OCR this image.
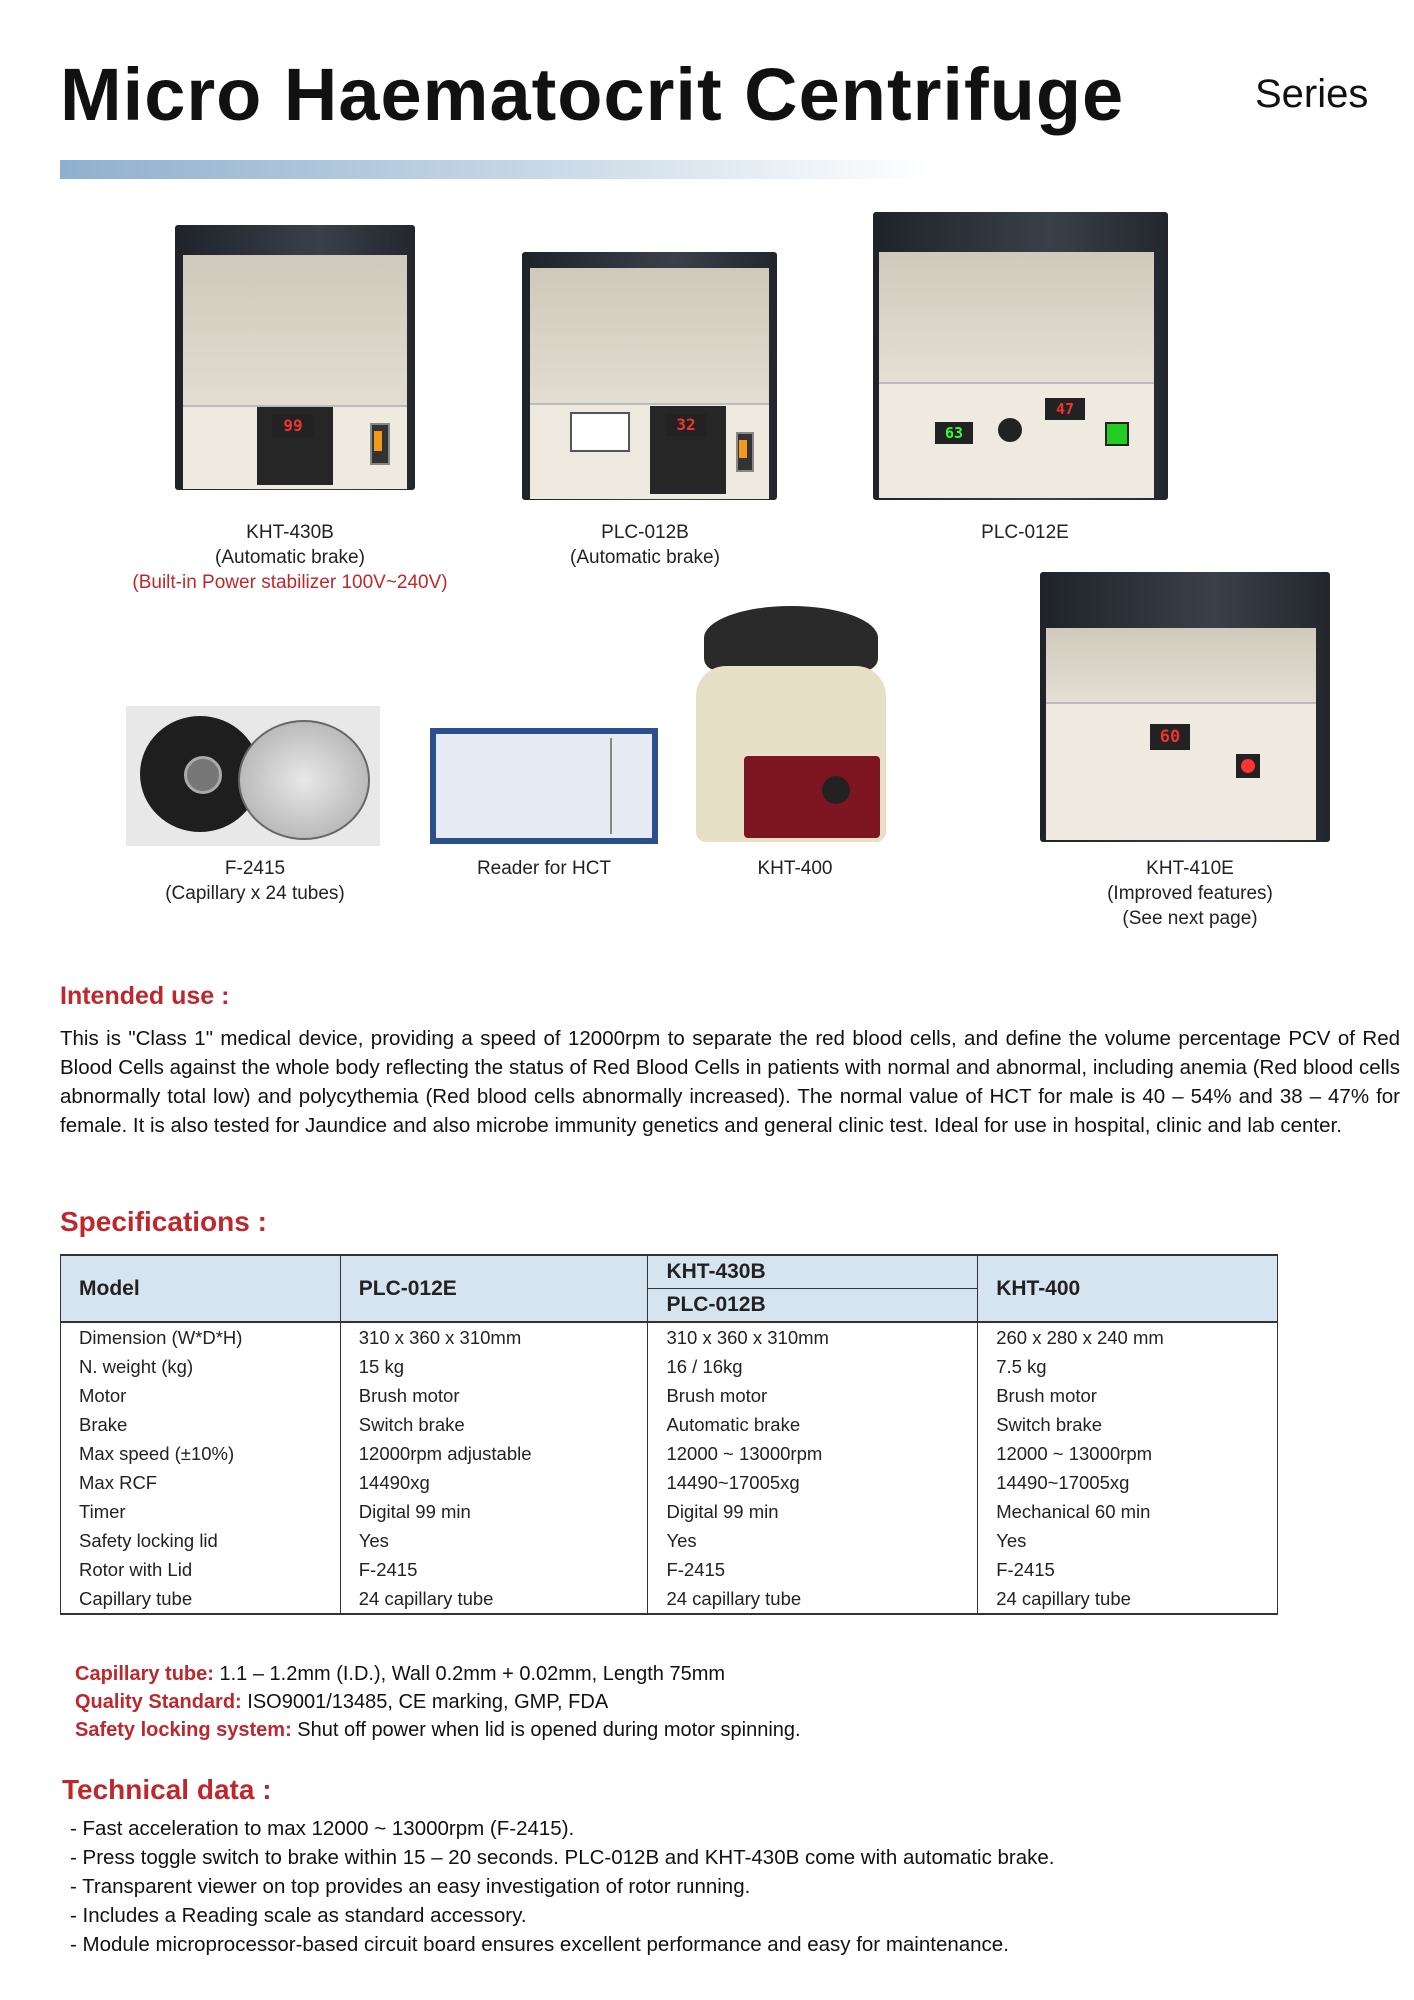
Micro Haematocrit Centrifuge	Series
99
KHT-430B
(Automatic brake)
(Built-in Power stabilizer 100V~240V)
32
PLC-012B
(Automatic brake)
63
47
PLC-012E
F-2415
(Capillary x 24 tubes)
Reader for HCT	KHT-400
60
KHT-410E
(Improved features)
(See next page)
Intended use :
This is "Class 1" medical device, providing a speed of 12000rpm to separate the red blood cells, and define the volume percentage PCV of Red Blood Cells against the whole body reflecting the status of Red Blood Cells in patients with normal and abnormal, including anemia (Red blood cells abnormally total low) and polycythemia (Red blood cells abnormally increased). The normal value of HCT for male is 40 – 54% and 38 – 47% for female. It is also tested for Jaundice and also microbe immunity genetics and general clinic test. Ideal for use in hospital, clinic and lab center.
Specifications :
Model	PLC-012E	KHT-430B	KHT-400
		PLC-012B	
Dimension (W*D*H)	310 x 360 x 310mm	310 x 360 x 310mm	260 x 280 x 240 mm
N. weight (kg)	15 kg	16 / 16kg	7.5 kg
Motor	Brush motor	Brush motor	Brush motor
Brake	Switch brake	Automatic brake	Switch brake
Max speed (±10%)	12000rpm adjustable	12000 ~ 13000rpm	12000 ~ 13000rpm
Max RCF	14490xg	14490~17005xg	14490~17005xg
Timer	Digital 99 min	Digital 99 min	Mechanical 60 min
Safety locking lid	Yes	Yes	Yes
Rotor with Lid	F-2415	F-2415	F-2415
Capillary tube	24 capillary tube	24 capillary tube	24 capillary tube
Capillary tube: 1.1 – 1.2mm (I.D.), Wall 0.2mm + 0.02mm, Length 75mm
Quality Standard: ISO9001/13485, CE marking, GMP, FDA
Safety locking system: Shut off power when lid is opened during motor spinning.
Technical data :
- Fast acceleration to max 12000 ~ 13000rpm (F-2415).
- Press toggle switch to brake within 15 – 20 seconds. PLC-012B and KHT-430B come with automatic brake.
- Transparent viewer on top provides an easy investigation of rotor running.
- Includes a Reading scale as standard accessory.
- Module microprocessor-based circuit board ensures excellent performance and easy for maintenance.
